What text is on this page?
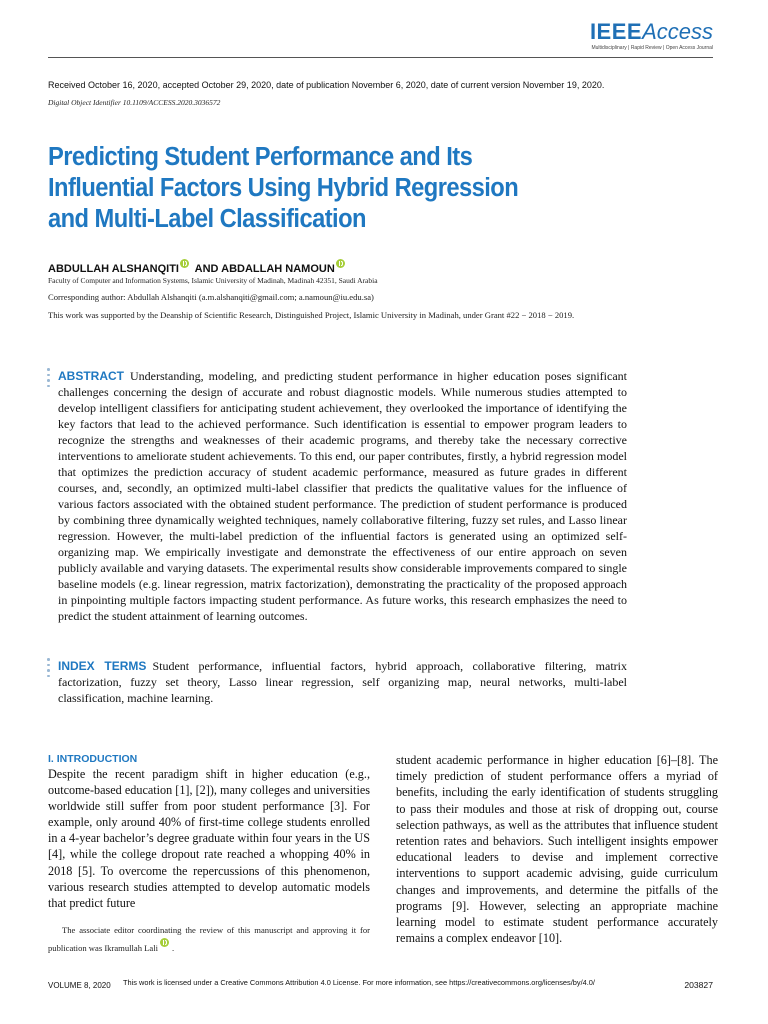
IEEEAccess
Multidisciplinary | Rapid Review | Open Access Journal
Received October 16, 2020, accepted October 29, 2020, date of publication November 6, 2020, date of current version November 19, 2020.
Digital Object Identifier 10.1109/ACCESS.2020.3036572
Predicting Student Performance and Its
Influential Factors Using Hybrid Regression
and Multi-Label Classification
ABDULLAH ALSHANQITI AND ABDALLAH NAMOUN
Faculty of Computer and Information Systems, Islamic University of Madinah, Madinah 42351, Saudi Arabia
Corresponding author: Abdullah Alshanqiti (a.m.alshanqiti@gmail.com; a.namoun@iu.edu.sa)
This work was supported by the Deanship of Scientific Research, Distinguished Project, Islamic University in Madinah, under Grant #22 − 2018 − 2019.
ABSTRACT Understanding, modeling, and predicting student performance in higher education poses significant challenges concerning the design of accurate and robust diagnostic models. While numerous studies attempted to develop intelligent classifiers for anticipating student achievement, they overlooked the importance of identifying the key factors that lead to the achieved performance. Such identification is essential to empower program leaders to recognize the strengths and weaknesses of their academic programs, and thereby take the necessary corrective interventions to ameliorate student achievements. To this end, our paper contributes, firstly, a hybrid regression model that optimizes the prediction accuracy of student academic performance, measured as future grades in different courses, and, secondly, an optimized multi-label classifier that predicts the qualitative values for the influence of various factors associated with the obtained student performance. The prediction of student performance is produced by combining three dynamically weighted techniques, namely collaborative filtering, fuzzy set rules, and Lasso linear regression. However, the multi-label prediction of the influential factors is generated using an optimized self-organizing map. We empirically investigate and demonstrate the effectiveness of our entire approach on seven publicly available and varying datasets. The experimental results show considerable improvements compared to single baseline models (e.g. linear regression, matrix factorization), demonstrating the practicality of the proposed approach in pinpointing multiple factors impacting student performance. As future works, this research emphasizes the need to predict the student attainment of learning outcomes.
INDEX TERMS Student performance, influential factors, hybrid approach, collaborative filtering, matrix factorization, fuzzy set theory, Lasso linear regression, self organizing map, neural networks, multi-label classification, machine learning.
I. INTRODUCTION
Despite the recent paradigm shift in higher education (e.g., outcome-based education [1], [2]), many colleges and universities worldwide still suffer from poor student performance [3]. For example, only around 40% of first-time college students enrolled in a 4-year bachelor’s degree graduate within four years in the US [4], while the college dropout rate reached a whopping 40% in 2018 [5]. To overcome the repercussions of this phenomenon, various research studies attempted to develop automatic models that predict future
The associate editor coordinating the review of this manuscript and approving it for publication was Ikramullah Lali .
student academic performance in higher education [6]–[8]. The timely prediction of student performance offers a myriad of benefits, including the early identification of students struggling to pass their modules and those at risk of dropping out, course selection pathways, as well as the attributes that influence student retention rates and behaviors. Such intelligent insights empower educational leaders to devise and implement corrective interventions to support academic advising, guide curriculum changes and improvements, and determine the pitfalls of the programs [9]. However, selecting an appropriate machine learning model to estimate student performance accurately remains a complex endeavor [10].
VOLUME 8, 2020 This work is licensed under a Creative Commons Attribution 4.0 License. For more information, see https://creativecommons.org/licenses/by/4.0/	203827
